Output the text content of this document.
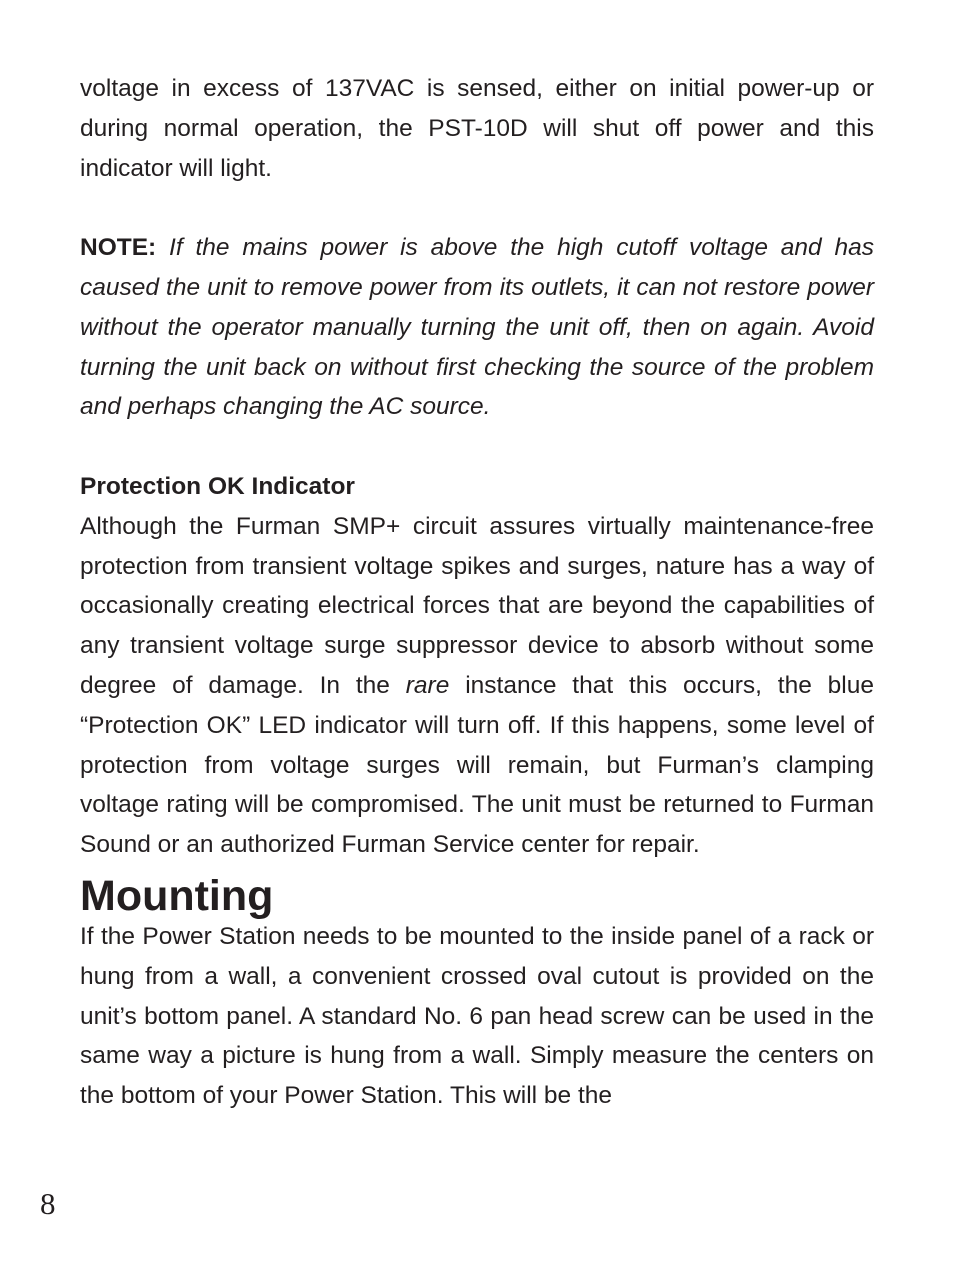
voltage in excess of 137VAC is sensed, either on initial power-up or during normal operation, the PST-10D will shut off power and this indicator will light.

NOTE: If the mains power is above the high cutoff voltage and has caused the unit to remove power from its outlets, it can not restore power without the operator manually turning the unit off, then on again. Avoid turning the unit back on without first checking the source of the problem and perhaps changing the AC source.

Protection OK Indicator

Although the Furman SMP+ circuit assures virtually maintenance-free protection from transient voltage spikes and surges, nature has a way of occasionally creating electrical forces that are beyond the capabilities of any transient voltage surge suppressor device to absorb without some degree of damage. In the rare instance that this occurs, the blue “Protection OK” LED indicator will turn off. If this happens, some level of protection from voltage surges will remain, but Furman’s clamping voltage rating will be compromised. The unit must be returned to Furman Sound or an authorized Furman Service center for repair.

Mounting

If the Power Station needs to be mounted to the inside panel of a rack or hung from a wall, a convenient crossed oval cutout is provided on the unit’s bottom panel. A standard No. 6 pan head screw can be used in the same way a picture is hung from a wall. Simply measure the centers on the bottom of your Power Station. This will be the

8
